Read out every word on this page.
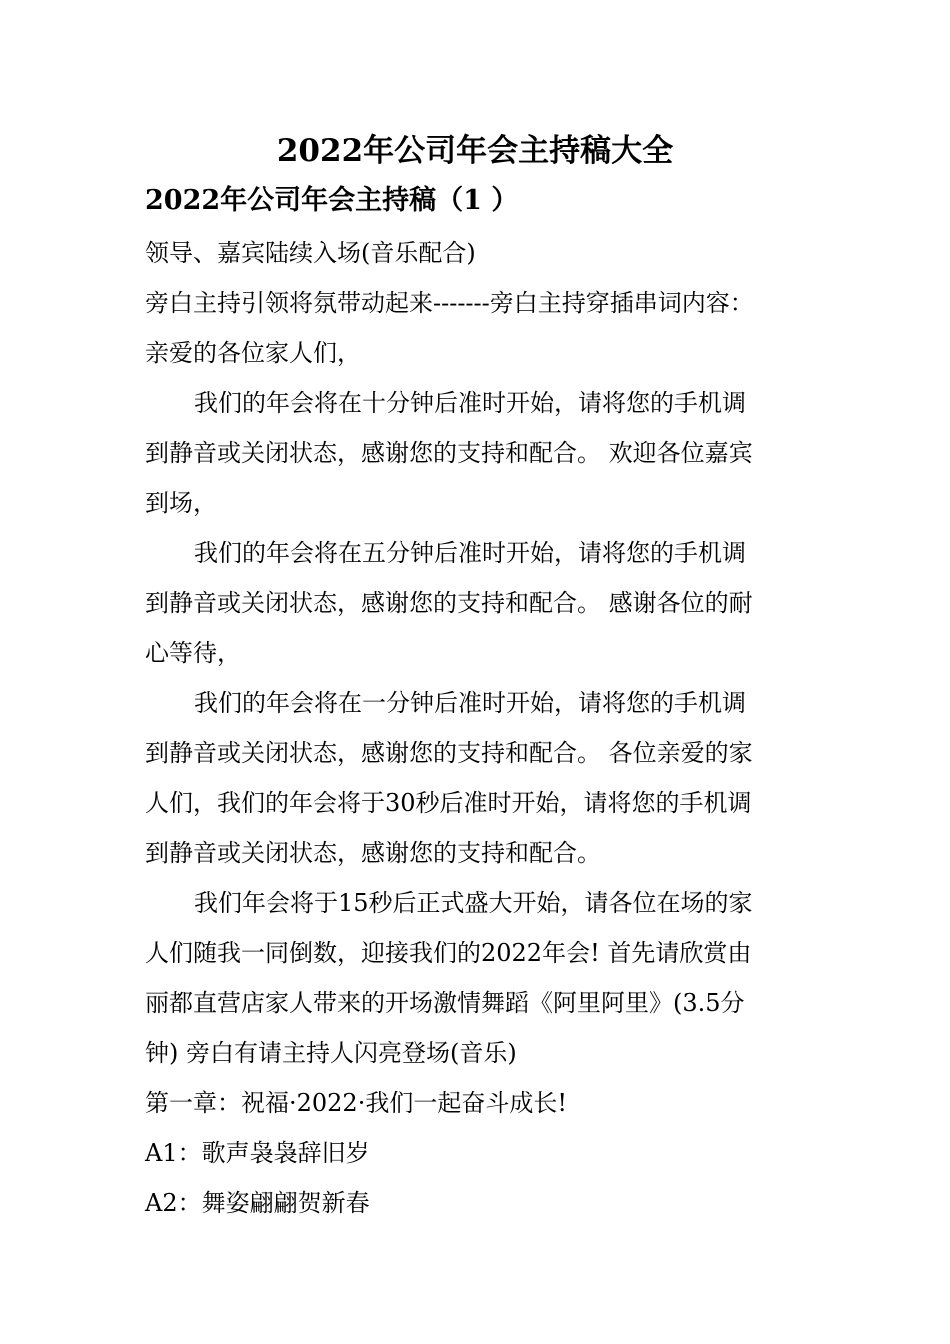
2022年公司年会主持稿大全
2022年公司年会主持稿（1 ）
领导、嘉宾陆续入场(音乐配合)
旁白主持引领将氛带动起来-------旁白主持穿插串词内容：
亲爱的各位家人们，
我们的年会将在十分钟后准时开始，请将您的手机调
到静音或关闭状态，感谢您的支持和配合。 欢迎各位嘉宾
到场，
我们的年会将在五分钟后准时开始，请将您的手机调
到静音或关闭状态，感谢您的支持和配合。 感谢各位的耐
心等待，
我们的年会将在一分钟后准时开始，请将您的手机调
到静音或关闭状态，感谢您的支持和配合。 各位亲爱的家
人们，我们的年会将于30秒后准时开始，请将您的手机调
到静音或关闭状态，感谢您的支持和配合。
我们年会将于15秒后正式盛大开始，请各位在场的家
人们随我一同倒数，迎接我们的2022年会! 首先请欣赏由
丽都直营店家人带来的开场激情舞蹈《阿里阿里》(3.5分
钟) 旁白有请主持人闪亮登场(音乐)
第一章：祝福·2022·我们一起奋斗成长!
A1：歌声袅袅辞旧岁
A2：舞姿翩翩贺新春
